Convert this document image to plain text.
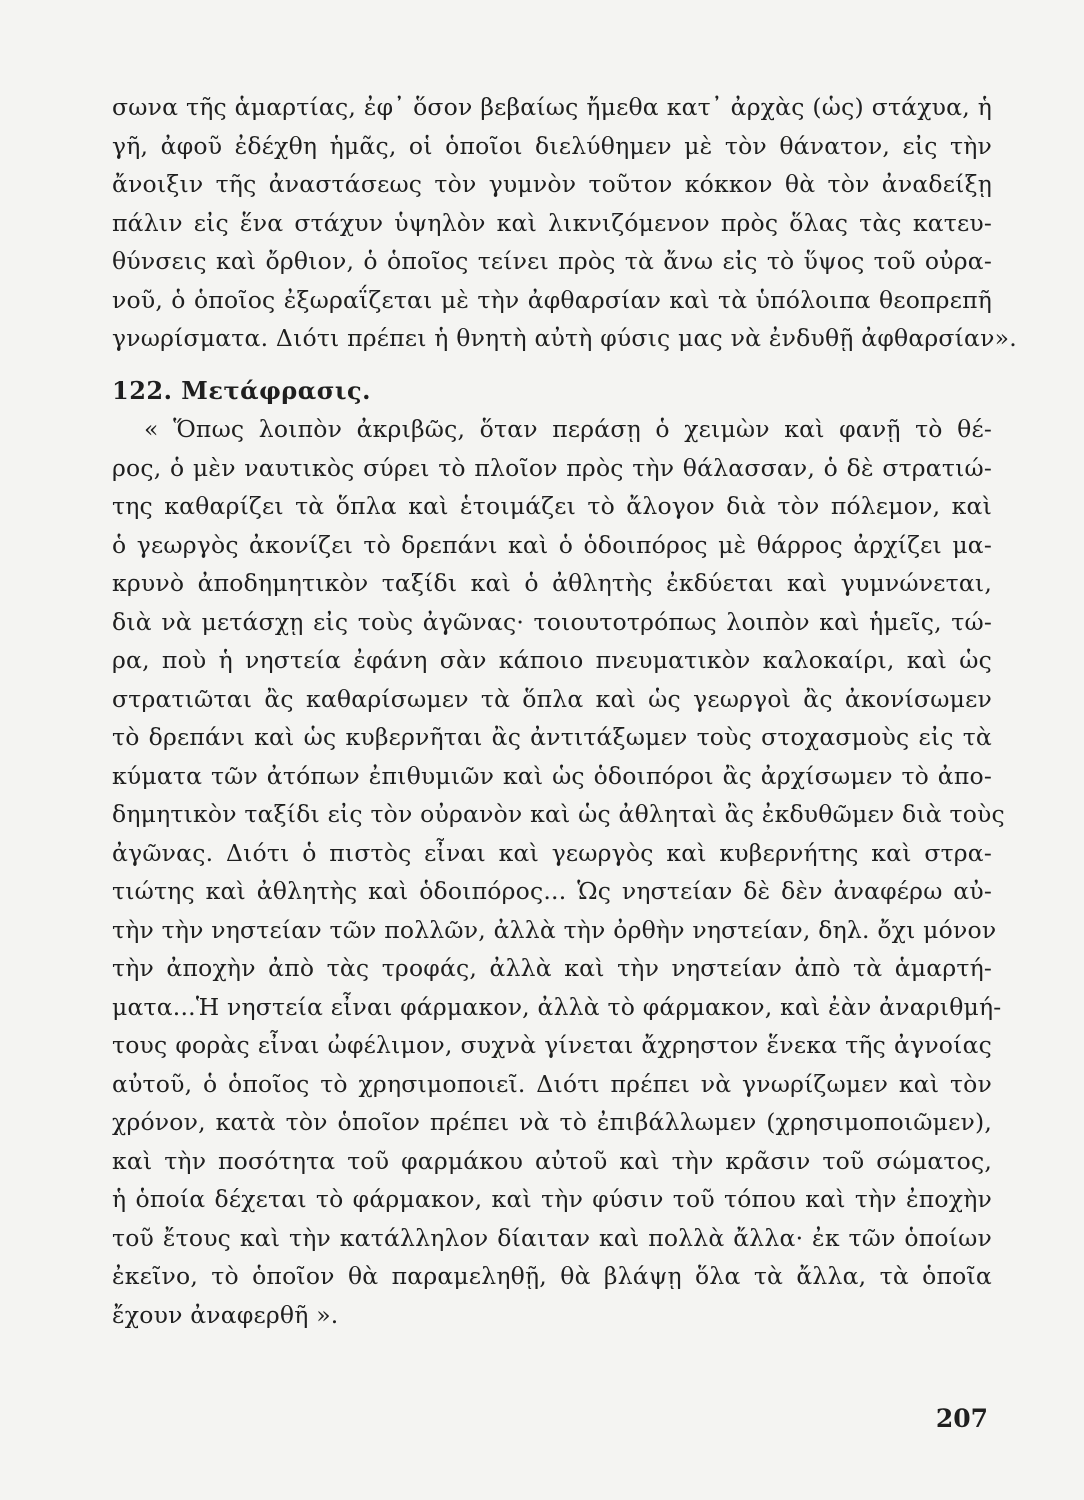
σωνα τῆς ἁμαρτίας, ἐφ᾿ ὅσον βεβαίως ἤμεθα κατ᾿ ἀρχὰς (ὡς) στάχυα, ἡ
γῆ, ἀφοῦ ἐδέχθη ἡμᾶς, οἱ ὁποῖοι διελύθημεν μὲ τὸν θάνατον, εἰς τὴν
ἄνοιξιν τῆς ἀναστάσεως τὸν γυμνὸν τοῦτον κόκκον θὰ τὸν ἀναδείξῃ
πάλιν εἰς ἕνα στάχυν ὑψηλὸν καὶ λικνιζόμενον πρὸς ὅλας τὰς κατευ-
θύνσεις καὶ ὄρθιον, ὁ ὁποῖος τείνει πρὸς τὰ ἄνω εἰς τὸ ὕψος τοῦ οὐρα-
νοῦ, ὁ ὁποῖος ἐξωραΐζεται μὲ τὴν ἀφθαρσίαν καὶ τὰ ὑπόλοιπα θεοπρεπῆ
γνωρίσματα. Διότι πρέπει ἡ θνητὴ αὐτὴ φύσις μας νὰ ἐνδυθῇ ἀφθαρσίαν».
122. Μετάφρασις.
« Ὅπως λοιπὸν ἀκριβῶς, ὅταν περάσῃ ὁ χειμὼν καὶ φανῇ τὸ θέ-
ρος, ὁ μὲν ναυτικὸς σύρει τὸ πλοῖον πρὸς τὴν θάλασσαν, ὁ δὲ στρατιώ-
της καθαρίζει τὰ ὅπλα καὶ ἑτοιμάζει τὸ ἄλογον διὰ τὸν πόλεμον, καὶ
ὁ γεωργὸς ἀκονίζει τὸ δρεπάνι καὶ ὁ ὁδοιπόρος μὲ θάρρος ἀρχίζει μα-
κρυνὸ ἀποδημητικὸν ταξίδι καὶ ὁ ἀθλητὴς ἐκδύεται καὶ γυμνώνεται,
διὰ νὰ μετάσχῃ εἰς τοὺς ἀγῶνας· τοιουτοτρόπως λοιπὸν καὶ ἡμεῖς, τώ-
ρα, ποὺ ἡ νηστεία ἐφάνη σὰν κάποιο πνευματικὸν καλοκαίρι, καὶ ὡς
στρατιῶται ἂς καθαρίσωμεν τὰ ὅπλα καὶ ὡς γεωργοὶ ἂς ἀκονίσωμεν
τὸ δρεπάνι καὶ ὡς κυβερνῆται ἂς ἀντιτάξωμεν τοὺς στοχασμοὺς εἰς τὰ
κύματα τῶν ἀτόπων ἐπιθυμιῶν καὶ ὡς ὁδοιπόροι ἂς ἀρχίσωμεν τὸ ἀπο-
δημητικὸν ταξίδι εἰς τὸν οὐρανὸν καὶ ὡς ἀθληταὶ ἂς ἐκδυθῶμεν διὰ τοὺς
ἀγῶνας. Διότι ὁ πιστὸς εἶναι καὶ γεωργὸς καὶ κυβερνήτης καὶ στρα-
τιώτης καὶ ἀθλητὴς καὶ ὁδοιπόρος... Ὡς νηστείαν δὲ δὲν ἀναφέρω αὐ-
τὴν τὴν νηστείαν τῶν πολλῶν, ἀλλὰ τὴν ὀρθὴν νηστείαν, δηλ. ὄχι μόνον
τὴν ἀποχὴν ἀπὸ τὰς τροφάς, ἀλλὰ καὶ τὴν νηστείαν ἀπὸ τὰ ἁμαρτή-
ματα...Ἡ νηστεία εἶναι φάρμακον, ἀλλὰ τὸ φάρμακον, καὶ ἐὰν ἀναριθμή-
τους φορὰς εἶναι ὠφέλιμον, συχνὰ γίνεται ἄχρηστον ἕνεκα τῆς ἀγνοίας
αὐτοῦ, ὁ ὁποῖος τὸ χρησιμοποιεῖ. Διότι πρέπει νὰ γνωρίζωμεν καὶ τὸν
χρόνον, κατὰ τὸν ὁποῖον πρέπει νὰ τὸ ἐπιβάλλωμεν (χρησιμοποιῶμεν),
καὶ τὴν ποσότητα τοῦ φαρμάκου αὐτοῦ καὶ τὴν κρᾶσιν τοῦ σώματος,
ἡ ὁποία δέχεται τὸ φάρμακον, καὶ τὴν φύσιν τοῦ τόπου καὶ τὴν ἐποχὴν
τοῦ ἔτους καὶ τὴν κατάλληλον δίαιταν καὶ πολλὰ ἄλλα· ἐκ τῶν ὁποίων
ἐκεῖνο, τὸ ὁποῖον θὰ παραμεληθῇ, θὰ βλάψῃ ὅλα τὰ ἄλλα, τὰ ὁποῖα
ἔχουν ἀναφερθῆ ».
207
